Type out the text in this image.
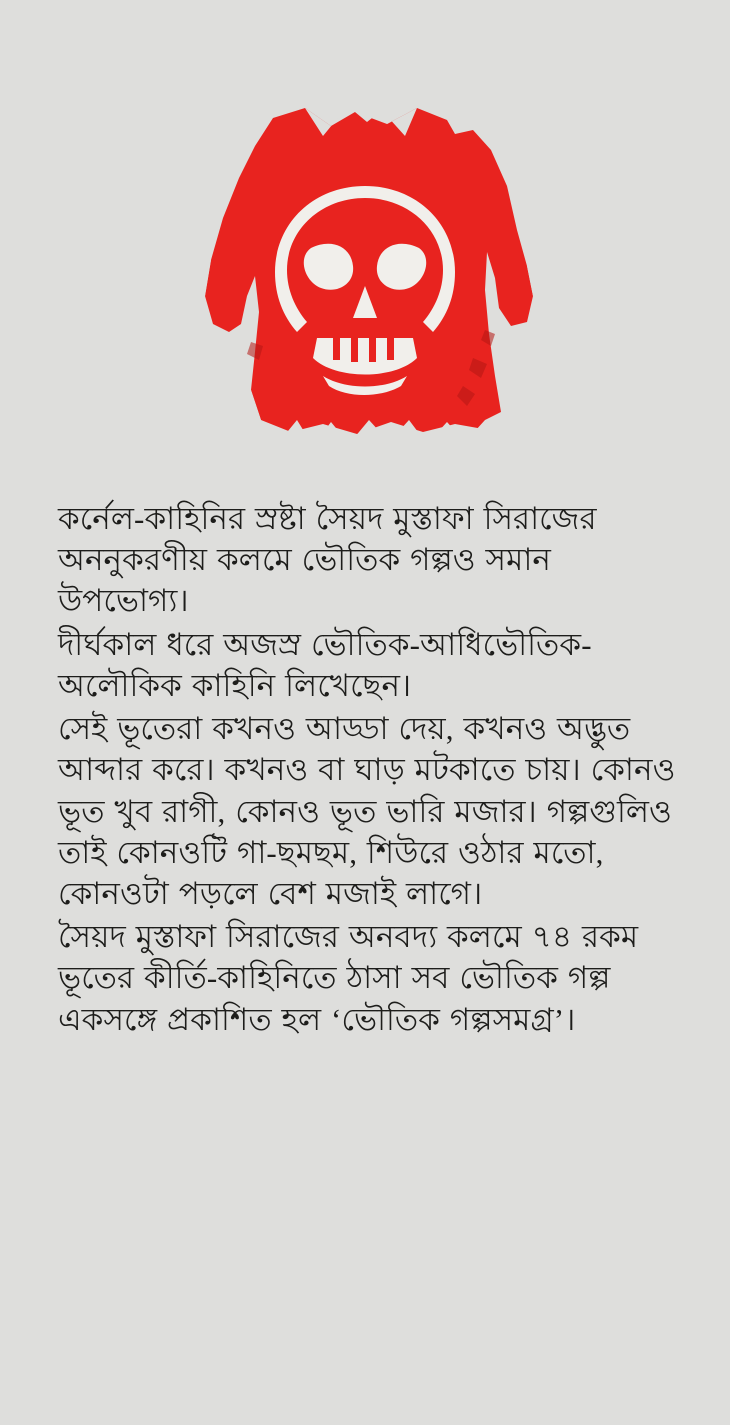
কর্নেল-কাহিনির স্রষ্টা সৈয়দ মুস্তাফা সিরাজের অননুকরণীয় কলমে ভৌতিক গল্পও সমান উপভোগ্য।

দীর্ঘকাল ধরে অজস্র ভৌতিক-আধিভৌতিক-অলৌকিক কাহিনি লিখেছেন।

সেই ভূতেরা কখনও আড্ডা দেয়, কখনও অদ্ভুত আব্দার করে। কখনও বা ঘাড় মটকাতে চায়। কোনও ভূত খুব রাগী, কোনও ভূত ভারি মজার। গল্পগুলিও তাই কোনওটি গা-ছমছম, শিউরে ওঠার মতো, কোনওটা পড়লে বেশ মজাই লাগে।

সৈয়দ মুস্তাফা সিরাজের অনবদ্য কলমে ৭৪ রকম ভূতের কীর্তি-কাহিনিতে ঠাসা সব ভৌতিক গল্প একসঙ্গে প্রকাশিত হল ‘ভৌতিক গল্পসমগ্র’।
